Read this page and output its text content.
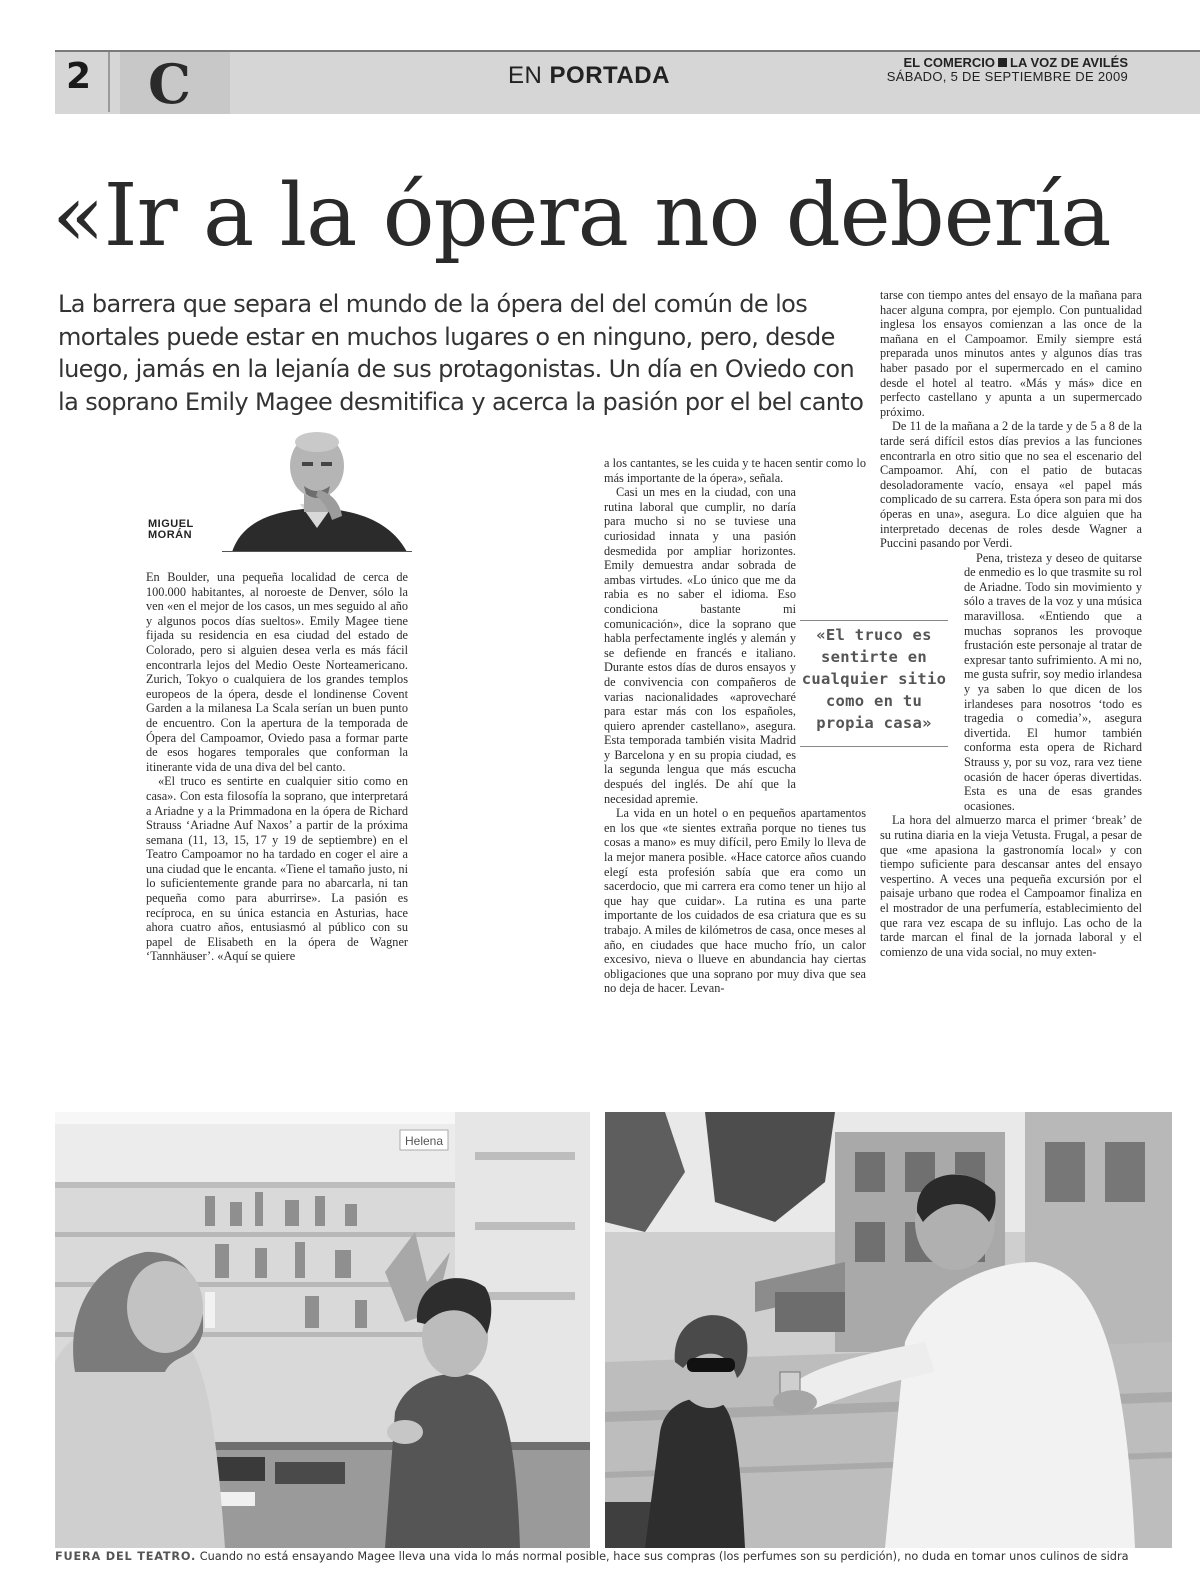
2 C	EN PORTADA	EL COMERCIO LA VOZ DE AVILÉS
SÁBADO, 5 DE SEPTIEMBRE DE 2009
«Ir a la ópera no debería
La barrera que separa el mundo de la ópera del del común de los mortales puede estar en muchos lugares o en ninguno, pero, desde luego, jamás en la lejanía de sus protagonistas. Un día en Oviedo con la soprano Emily Magee desmitifica y acerca la pasión por el bel canto
MIGUEL
MORÁN

En Boulder, una pequeña localidad de cerca de 100.000 habitantes, al noroeste de Denver, sólo la ven «en el mejor de los casos, un mes seguido al año y algunos pocos días sueltos». Emily Magee tiene fijada su residencia en esa ciudad del estado de Colorado, pero si alguien desea verla es más fácil encontrarla lejos del Medio Oeste Norteamericano. Zurich, Tokyo o cualquiera de los grandes templos europeos de la ópera, desde el londinense Covent Garden a la milanesa La Scala serían un buen punto de encuentro. Con la apertura de la temporada de Ópera del Campoamor, Oviedo pasa a formar parte de esos hogares temporales que conforman la itinerante vida de una diva del bel canto.

«El truco es sentirte en cualquier sitio como en casa». Con esta filosofía la soprano, que interpretará a Ariadne y a la Primmadona en la ópera de Richard Strauss ‘Ariadne Auf Naxos’ a partir de la próxima semana (11, 13, 15, 17 y 19 de septiembre) en el Teatro Campoamor no ha tardado en coger el aire a una ciudad que le encanta. «Tiene el tamaño justo, ni lo suficientemente grande para no abarcarla, ni tan pequeña como para aburrirse». La pasión es recíproca, en su única estancia en Asturias, hace ahora cuatro años, entusiasmó al público con su papel de Elisabeth en la ópera de Wagner ‘Tannhäuser’. «Aquí se quiere

a los cantantes, se les cuida y te hacen sentir como lo más importante de la ópera», señala.

Casi un mes en la ciudad, con una rutina laboral que cumplir, no daría para mucho si no se tuviese una curiosidad innata y una pasión desmedida por ampliar horizontes. Emily demuestra andar sobrada de ambas virtudes. «Lo único que me da rabia es no saber el idioma. Eso condiciona bastante mi comunicación», dice la soprano que habla perfectamente inglés y alemán y se defiende en francés e italiano. Durante estos días de duros ensayos y de convivencia con compañeros de varias nacionalidades «aprovecharé para estar más con los españoles, quiero aprender castellano», asegura. Esta temporada también visita Madrid y Barcelona y en su propia ciudad, es la segunda lengua que más escucha después del inglés. De ahí que la necesidad apremie.

La vida en un hotel o en pequeños apartamentos en los que «te sientes extraña porque no tienes tus cosas a mano» es muy difícil, pero Emily lo lleva de la mejor manera posible. «Hace catorce años cuando elegí esta profesión sabía que era como un sacerdocio, que mi carrera era como tener un hijo al que hay que cuidar». La rutina es una parte importante de los cuidados de esa criatura que es su trabajo. A miles de kilómetros de casa, once meses al año, en ciudades que hace mucho frío, un calor excesivo, nieva o llueve en abundancia hay ciertas obligaciones que una soprano por muy diva que sea no deja de hacer. Levan-

tarse con tiempo antes del ensayo de la mañana para hacer alguna compra, por ejemplo. Con puntualidad inglesa los ensayos comienzan a las once de la mañana en el Campoamor. Emily siempre está preparada unos minutos antes y algunos días tras haber pasado por el supermercado en el camino desde el hotel al teatro. «Más y más» dice en perfecto castellano y apunta a un supermercado próximo.

De 11 de la mañana a 2 de la tarde y de 5 a 8 de la tarde será difícil estos días previos a las funciones encontrarla en otro sitio que no sea el escenario del Campoamor. Ahí, con el patio de butacas desoladoramente vacío, ensaya «el papel más complicado de su carrera. Esta ópera son para mi dos óperas en una», asegura. Lo dice alguien que ha interpretado decenas de roles desde Wagner a Puccini pasando por Verdi.

Pena, tristeza y deseo de quitarse de enmedio es lo que trasmite su rol de Ariadne. Todo sin movimiento y sólo a traves de la voz y una música maravillosa. «Entiendo que a muchas sopranos les provoque frustación este personaje al tratar de expresar tanto sufrimiento. A mi no, me gusta sufrir, soy medio irlandesa y ya saben lo que dicen de los irlandeses para nosotros ‘todo es tragedia o comedia’», asegura divertida. El humor también conforma esta opera de Richard Strauss y, por su voz, rara vez tiene ocasión de hacer óperas divertidas. Esta es una de esas grandes ocasiones.

La hora del almuerzo marca el primer ‘break’ de su rutina diaria en la vieja Vetusta. Frugal, a pesar de que «me apasiona la gastronomía local» y con tiempo suficiente para descansar antes del ensayo vespertino. A veces una pequeña excursión por el paisaje urbano que rodea el Campoamor finaliza en el mostrador de una perfumería, establecimiento del que rara vez escapa de su influjo. Las ocho de la tarde marcan el final de la jornada laboral y el comienzo de una vida social, no muy exten-

«El truco es sentirte en cualquier sitio como en tu propia casa»
Helena
FUERA DEL TEATRO. Cuando no está ensayando Magee lleva una vida lo más normal posible, hace sus compras (los perfumes son su perdición), no duda en tomar unos culinos de sidra
